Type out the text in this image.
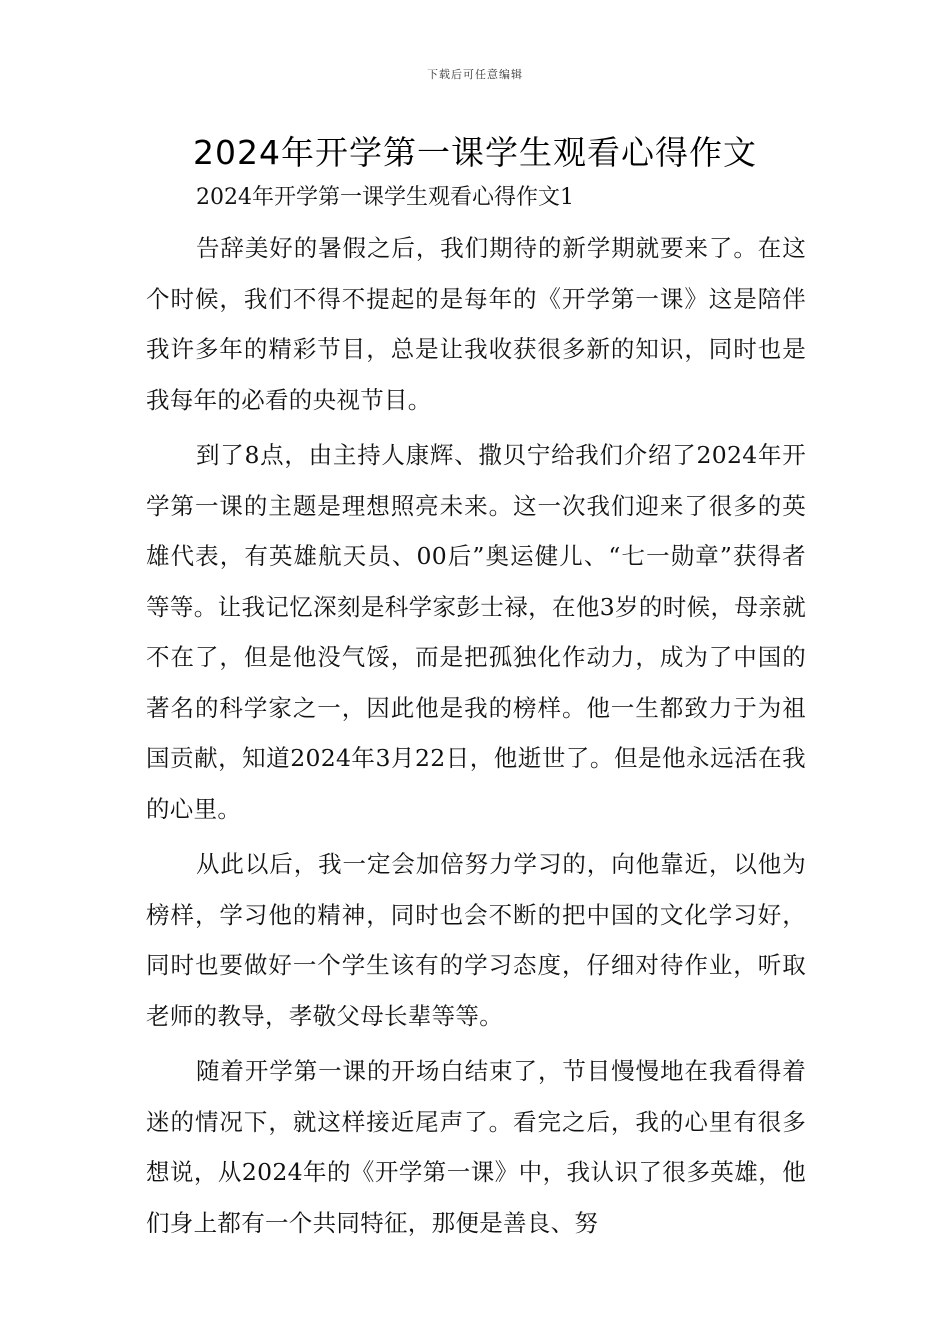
下载后可任意编辑
2024年开学第一课学生观看心得作文

2024年开学第一课学生观看心得作文1

告辞美好的暑假之后，我们期待的新学期就要来了。在这个时候，我们不得不提起的是每年的《开学第一课》这是陪伴我许多年的精彩节目，总是让我收获很多新的知识，同时也是我每年的必看的央视节目。

到了8点，由主持人康辉、撒贝宁给我们介绍了2024年开学第一课的主题是理想照亮未来。这一次我们迎来了很多的英雄代表，有英雄航天员、00后”奥运健儿、“七一勋章”获得者等等。让我记忆深刻是科学家彭士禄，在他3岁的时候，母亲就不在了，但是他没气馁，而是把孤独化作动力，成为了中国的著名的科学家之一，因此他是我的榜样。他一生都致力于为祖国贡献，知道2024年3月22日，他逝世了。但是他永远活在我的心里。

从此以后，我一定会加倍努力学习的，向他靠近，以他为榜样，学习他的精神，同时也会不断的把中国的文化学习好，同时也要做好一个学生该有的学习态度，仔细对待作业，听取老师的教导，孝敬父母长辈等等。

随着开学第一课的开场白结束了，节目慢慢地在我看得着迷的情况下，就这样接近尾声了。看完之后，我的心里有很多想说，从2024年的《开学第一课》中，我认识了很多英雄，他们身上都有一个共同特征，那便是善良、努
